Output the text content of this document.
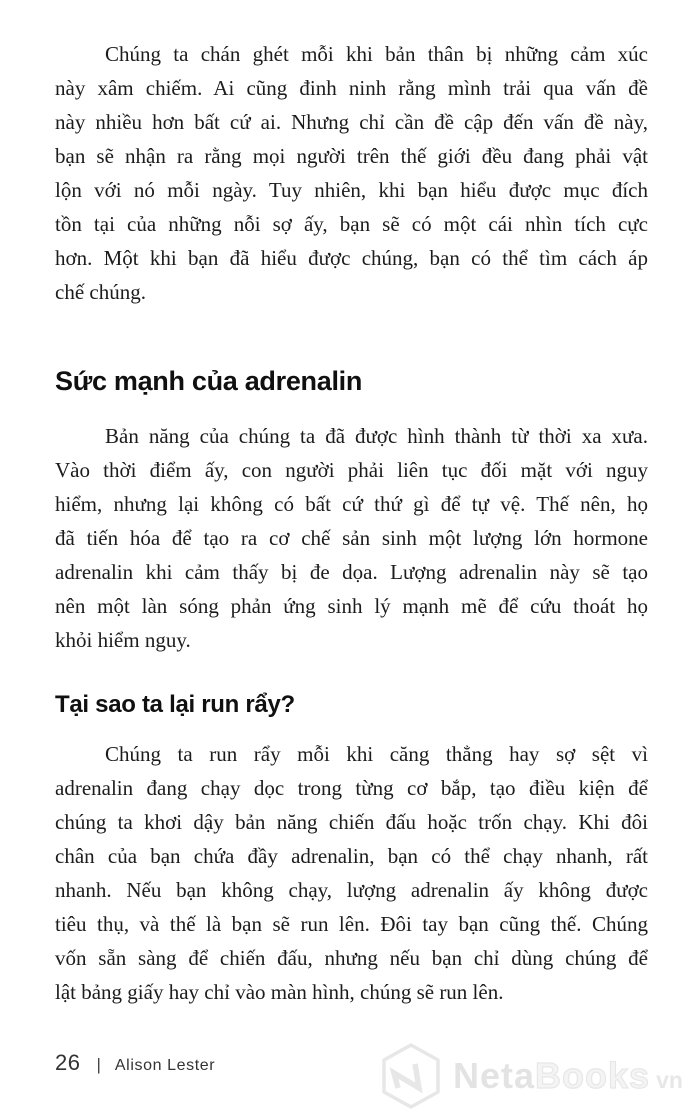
Chúng ta chán ghét mỗi khi bản thân bị những cảm xúc
này xâm chiếm. Ai cũng đinh ninh rằng mình trải qua vấn đề
này nhiều hơn bất cứ ai. Nhưng chỉ cần đề cập đến vấn đề này,
bạn sẽ nhận ra rằng mọi người trên thế giới đều đang phải vật
lộn với nó mỗi ngày. Tuy nhiên, khi bạn hiểu được mục đích
tồn tại của những nỗi sợ ấy, bạn sẽ có một cái nhìn tích cực
hơn. Một khi bạn đã hiểu được chúng, bạn có thể tìm cách áp
chế chúng.
Sức mạnh của adrenalin
Bản năng của chúng ta đã được hình thành từ thời xa xưa.
Vào thời điểm ấy, con người phải liên tục đối mặt với nguy
hiểm, nhưng lại không có bất cứ thứ gì để tự vệ. Thế nên, họ
đã tiến hóa để tạo ra cơ chế sản sinh một lượng lớn hormone
adrenalin khi cảm thấy bị đe dọa. Lượng adrenalin này sẽ tạo
nên một làn sóng phản ứng sinh lý mạnh mẽ để cứu thoát họ
khỏi hiểm nguy.
Tại sao ta lại run rẩy?
Chúng ta run rẩy mỗi khi căng thẳng hay sợ sệt vì
adrenalin đang chạy dọc trong từng cơ bắp, tạo điều kiện để
chúng ta khơi dậy bản năng chiến đấu hoặc trốn chạy. Khi đôi
chân của bạn chứa đầy adrenalin, bạn có thể chạy nhanh, rất
nhanh. Nếu bạn không chạy, lượng adrenalin ấy không được
tiêu thụ, và thế là bạn sẽ run lên. Đôi tay bạn cũng thế. Chúng
vốn sẵn sàng để chiến đấu, nhưng nếu bạn chỉ dùng chúng để
lật bảng giấy hay chỉ vào màn hình, chúng sẽ run lên.
26 | Alison Lester	Neta Books vn
